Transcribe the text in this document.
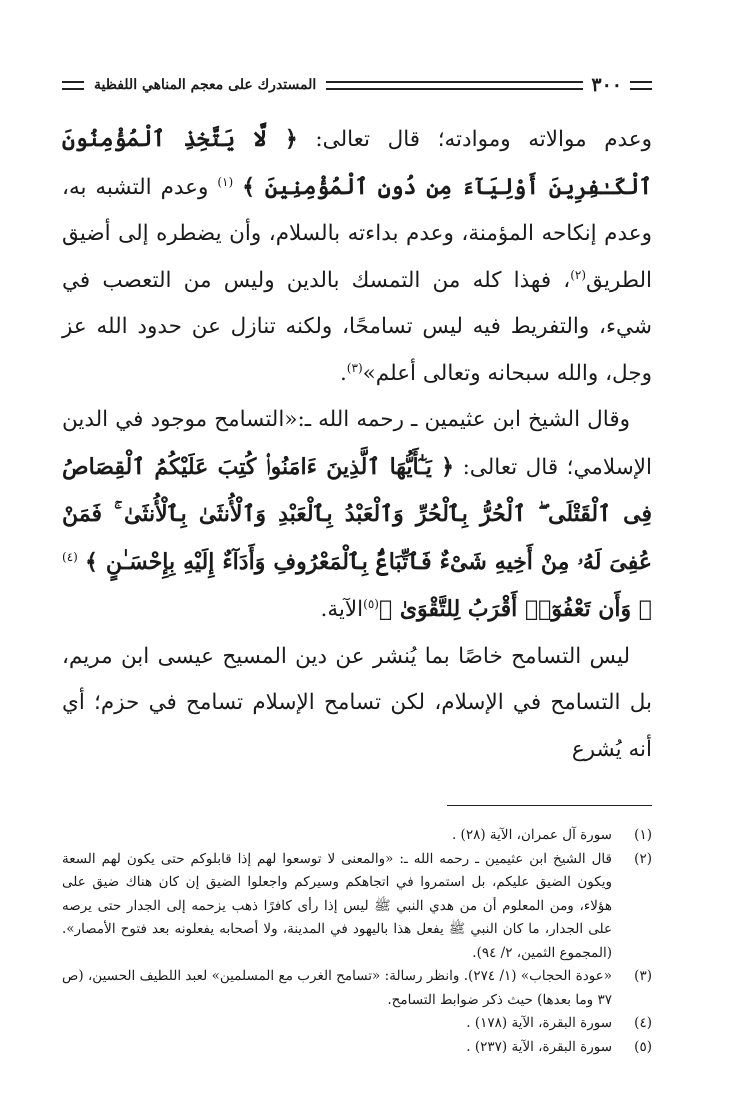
٣٠٠
المستدرك على معجم المناهي اللفظية

وعدم موالاته وموادته؛ قال تعالى: ﴿ لَّا يَتَّخِذِ ٱلْمُؤْمِنُونَ ٱلْكَـٰفِرِينَ أَوْلِيَآءَ مِن دُونِ ٱلْمُؤْمِنِينَ ﴾ $^{(١)}$ وعدم التشبه به، وعدم إنكاحه المؤمنة، وعدم بداءته بالسلام، وأن يضطره إلى أضيق الطريق$^{(٢)}$، فهذا كله من التمسك بالدين وليس من التعصب في شيء، والتفريط فيه ليس تسامحًا، ولكنه تنازل عن حدود الله عز وجل، والله سبحانه وتعالى أعلم»$^{(٣)}$.

وقال الشيخ ابن عثيمين ـ رحمه الله ـ:«التسامح موجود في الدين الإسلامي؛ قال تعالى: ﴿ يَـٰٓأَيُّهَا ٱلَّذِينَ ءَامَنُوا۟ كُتِبَ عَلَيْكُمُ ٱلْقِصَاصُ فِى ٱلْقَتْلَى ۖ ٱلْحُرُّ بِٱلْحُرِّ وَٱلْعَبْدُ بِٱلْعَبْدِ وَٱلْأُنثَىٰ بِٱلْأُنثَىٰ ۚ فَمَنْ عُفِىَ لَهُۥ مِنْ أَخِيهِ شَىْءٌ فَٱتِّبَاعٌۢ بِٱلْمَعْرُوفِ وَأَدَآءٌ إِلَيْهِ بِإِحْسَـٰنٍ ﴾ $^{(٤)}$ ﴿ وَأَن تَعْفُوٓا۟ أَقْرَبُ لِلتَّقْوَىٰ ﴾$^{(٥)}$الآية.

ليس التسامح خاصًا بما يُنشر عن دين المسيح عيسى ابن مريم، بل التسامح في الإسلام، لكن تسامح الإسلام تسامح في حزم؛ أي أنه يُشرع

(١)
سورة آل عمران، الآية (٢٨) .
(٢)
قال الشيخ ابن عثيمين ـ رحمه الله ـ: «والمعنى لا توسعوا لهم إذا قابلوكم حتى يكون لهم السعة ويكون الضيق عليكم، بل استمروا في اتجاهكم وسيركم واجعلوا الضيق إن كان هناك ضيق على هؤلاء، ومن المعلوم أن من هدي النبي ﷺ ليس إذا رأى كافرًا ذهب يزحمه إلى الجدار حتى يرصه على الجدار، ما كان النبي ﷺ يفعل هذا باليهود في المدينة، ولا أصحابه يفعلونه بعد فتوح الأمصار». (المجموع الثمين، ٢/ ٩٤).
(٣)
«عودة الحجاب» (١/ ٢٧٤). وانظر رسالة: «تسامح الغرب مع المسلمين» لعبد اللطيف الحسين، (ص ٣٧ وما بعدها) حيث ذكر ضوابط التسامح.
(٤)
سورة البقرة، الآية (١٧٨) .
(٥)
سورة البقرة، الآية (٢٣٧) .
